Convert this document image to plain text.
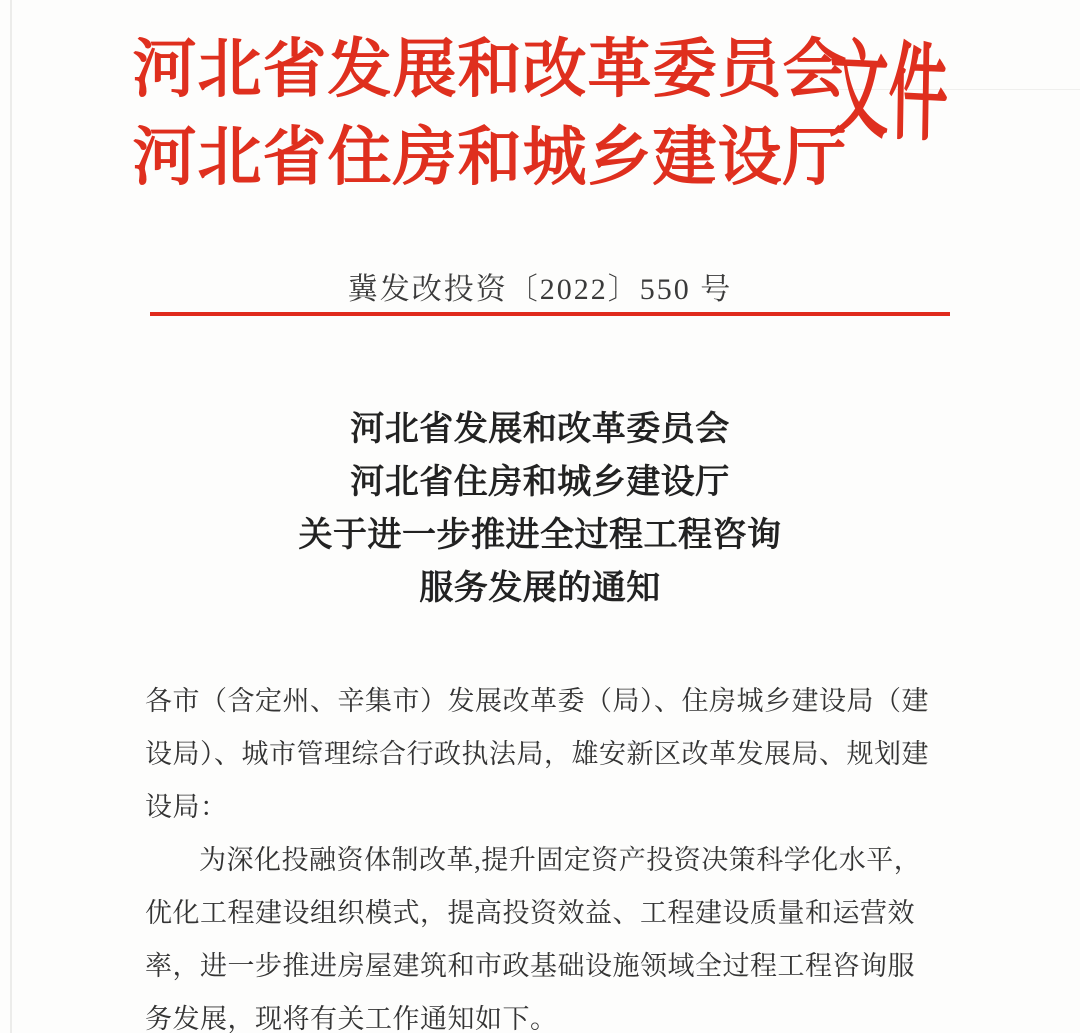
河北省发展和改革委员会
河北省住房和城乡建设厅
文件
冀发改投资〔2022〕550 号
河北省发展和改革委员会
河北省住房和城乡建设厅
关于进一步推进全过程工程咨询
服务发展的通知
各市（含定州、辛集市）发展改革委（局）、住房城乡建设局（建
设局）、城市管理综合行政执法局，雄安新区改革发展局、规划建
设局：
为深化投融资体制改革,提升固定资产投资决策科学化水平，
优化工程建设组织模式，提高投资效益、工程建设质量和运营效
率，进一步推进房屋建筑和市政基础设施领域全过程工程咨询服
务发展，现将有关工作通知如下。
